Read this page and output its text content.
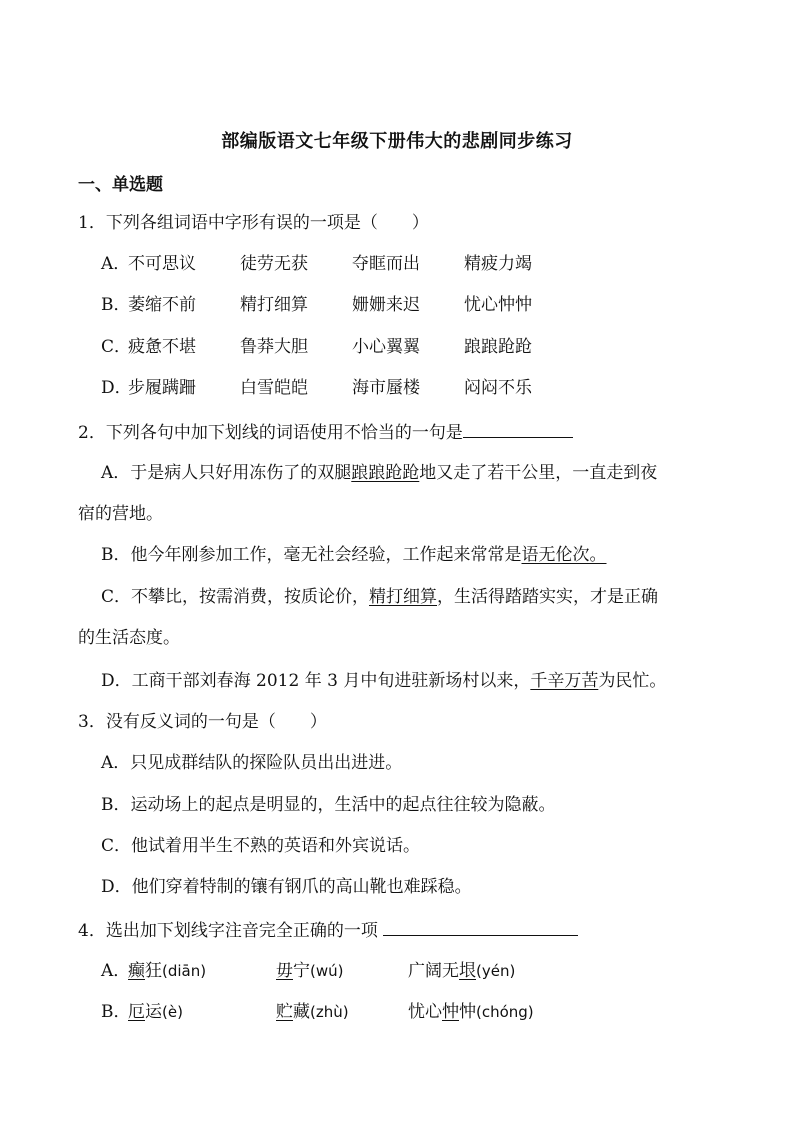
部编版语文七年级下册伟大的悲剧同步练习
一、单选题
1．下列各组词语中字形有误的一项是（　　）
A．
不可思议	徒劳无获	夺眶而出	精疲力竭
B．
萎缩不前	精打细算	姗姗来迟	忧心忡忡
C．
疲惫不堪	鲁莽大胆	小心翼翼	踉踉跄跄
D．
步履蹒跚	白雪皑皑	海市蜃楼	闷闷不乐
2．下列各句中加下划线的词语使用不恰当的一句是
A．于是病人只好用冻伤了的双腿踉踉跄跄地又走了若干公里，一直走到夜
宿的营地。
B．他今年刚参加工作，毫无社会经验，工作起来常常是语无伦次。
C．不攀比，按需消费，按质论价，精打细算，生活得踏踏实实，才是正确
的生活态度。
D．工商干部刘春海 2012 年 3 月中旬进驻新场村以来，千辛万苦为民忙。
3．没有反义词的一句是（　　）
A．只见成群结队的探险队员出出进进。
B．运动场上的起点是明显的，生活中的起点往往较为隐蔽。
C．他试着用半生不熟的英语和外宾说话。
D．他们穿着特制的镶有钢爪的高山靴也难踩稳。
4．选出加下划线字注音完全正确的一项
A．
癫狂(diān)	毋宁(wú)	广阔无垠(yén)
B．
厄运(è)	贮藏(zhù)	忧心忡忡(chóng)
